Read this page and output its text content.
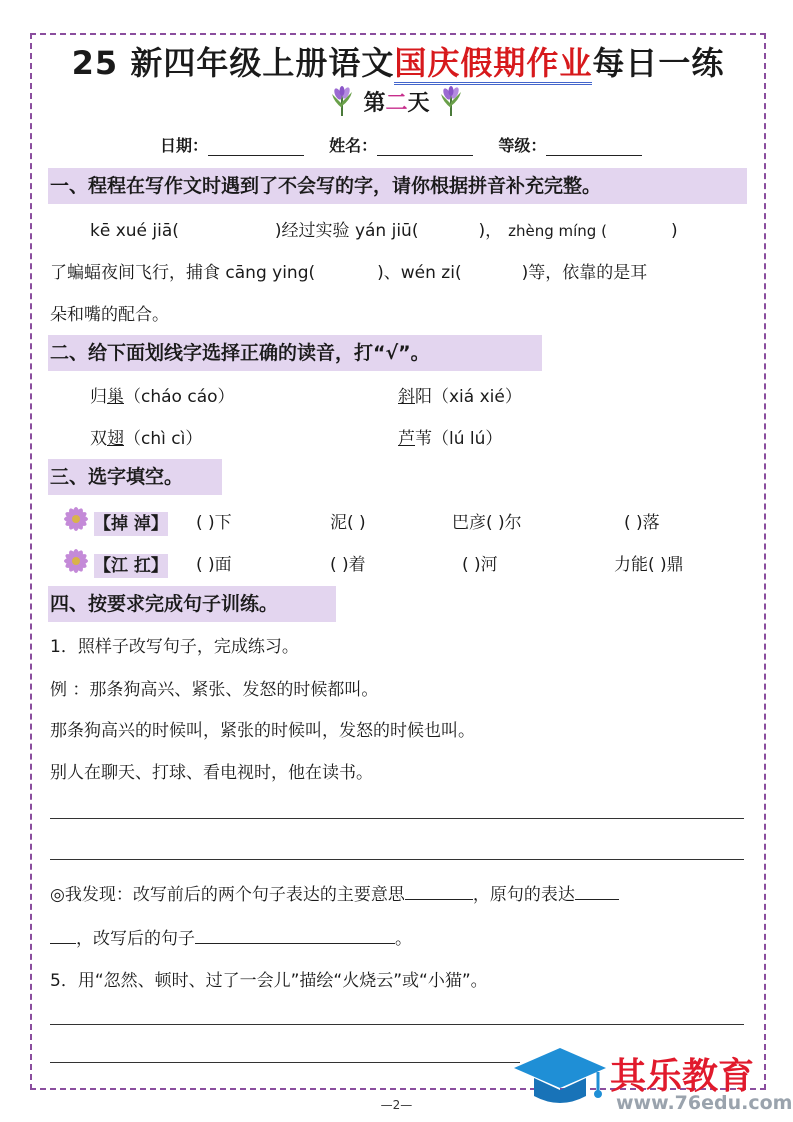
25 新四年级上册语文国庆假期作业每日一练
第二天
日期：	姓名：	等级：
一、程程在写作文时遇到了不会写的字，请你根据拼音补充完整。
kē xué jiā(	)经过实验 yán jiū(	)， zhèng míng (	)
了蝙蝠夜间飞行，捕食 cāng ying(	)、wén zi(	)等，依靠的是耳
朵和嘴的配合。
二、给下面划线字选择正确的读音，打“√”。
归巢（cháo cáo）	斜阳（xiá xié）
双翅（chì cì）	芦苇（lú lú）
三、选字填空。
【掉 淖】 ( )下	泥( )	巴彦( )尔	( )落
【江 扛】 ( )面	( )着	( )河	力能( )鼎
四、按要求完成句子训练。
1．照样子改写句子，完成练习。
例 ：那条狗高兴、紧张、发怒的时候都叫。
那条狗高兴的时候叫，紧张的时候叫，发怒的时候也叫。
别人在聊天、打球、看电视时，他在读书。
◎我发现：改写前后的两个句子表达的主要意思	，原句的表达
，改写后的句子	。
5．用“忽然、顿时、过了一会儿”描绘“火烧云”或“小猫”。
—2—
其乐教育
www.76edu.com
